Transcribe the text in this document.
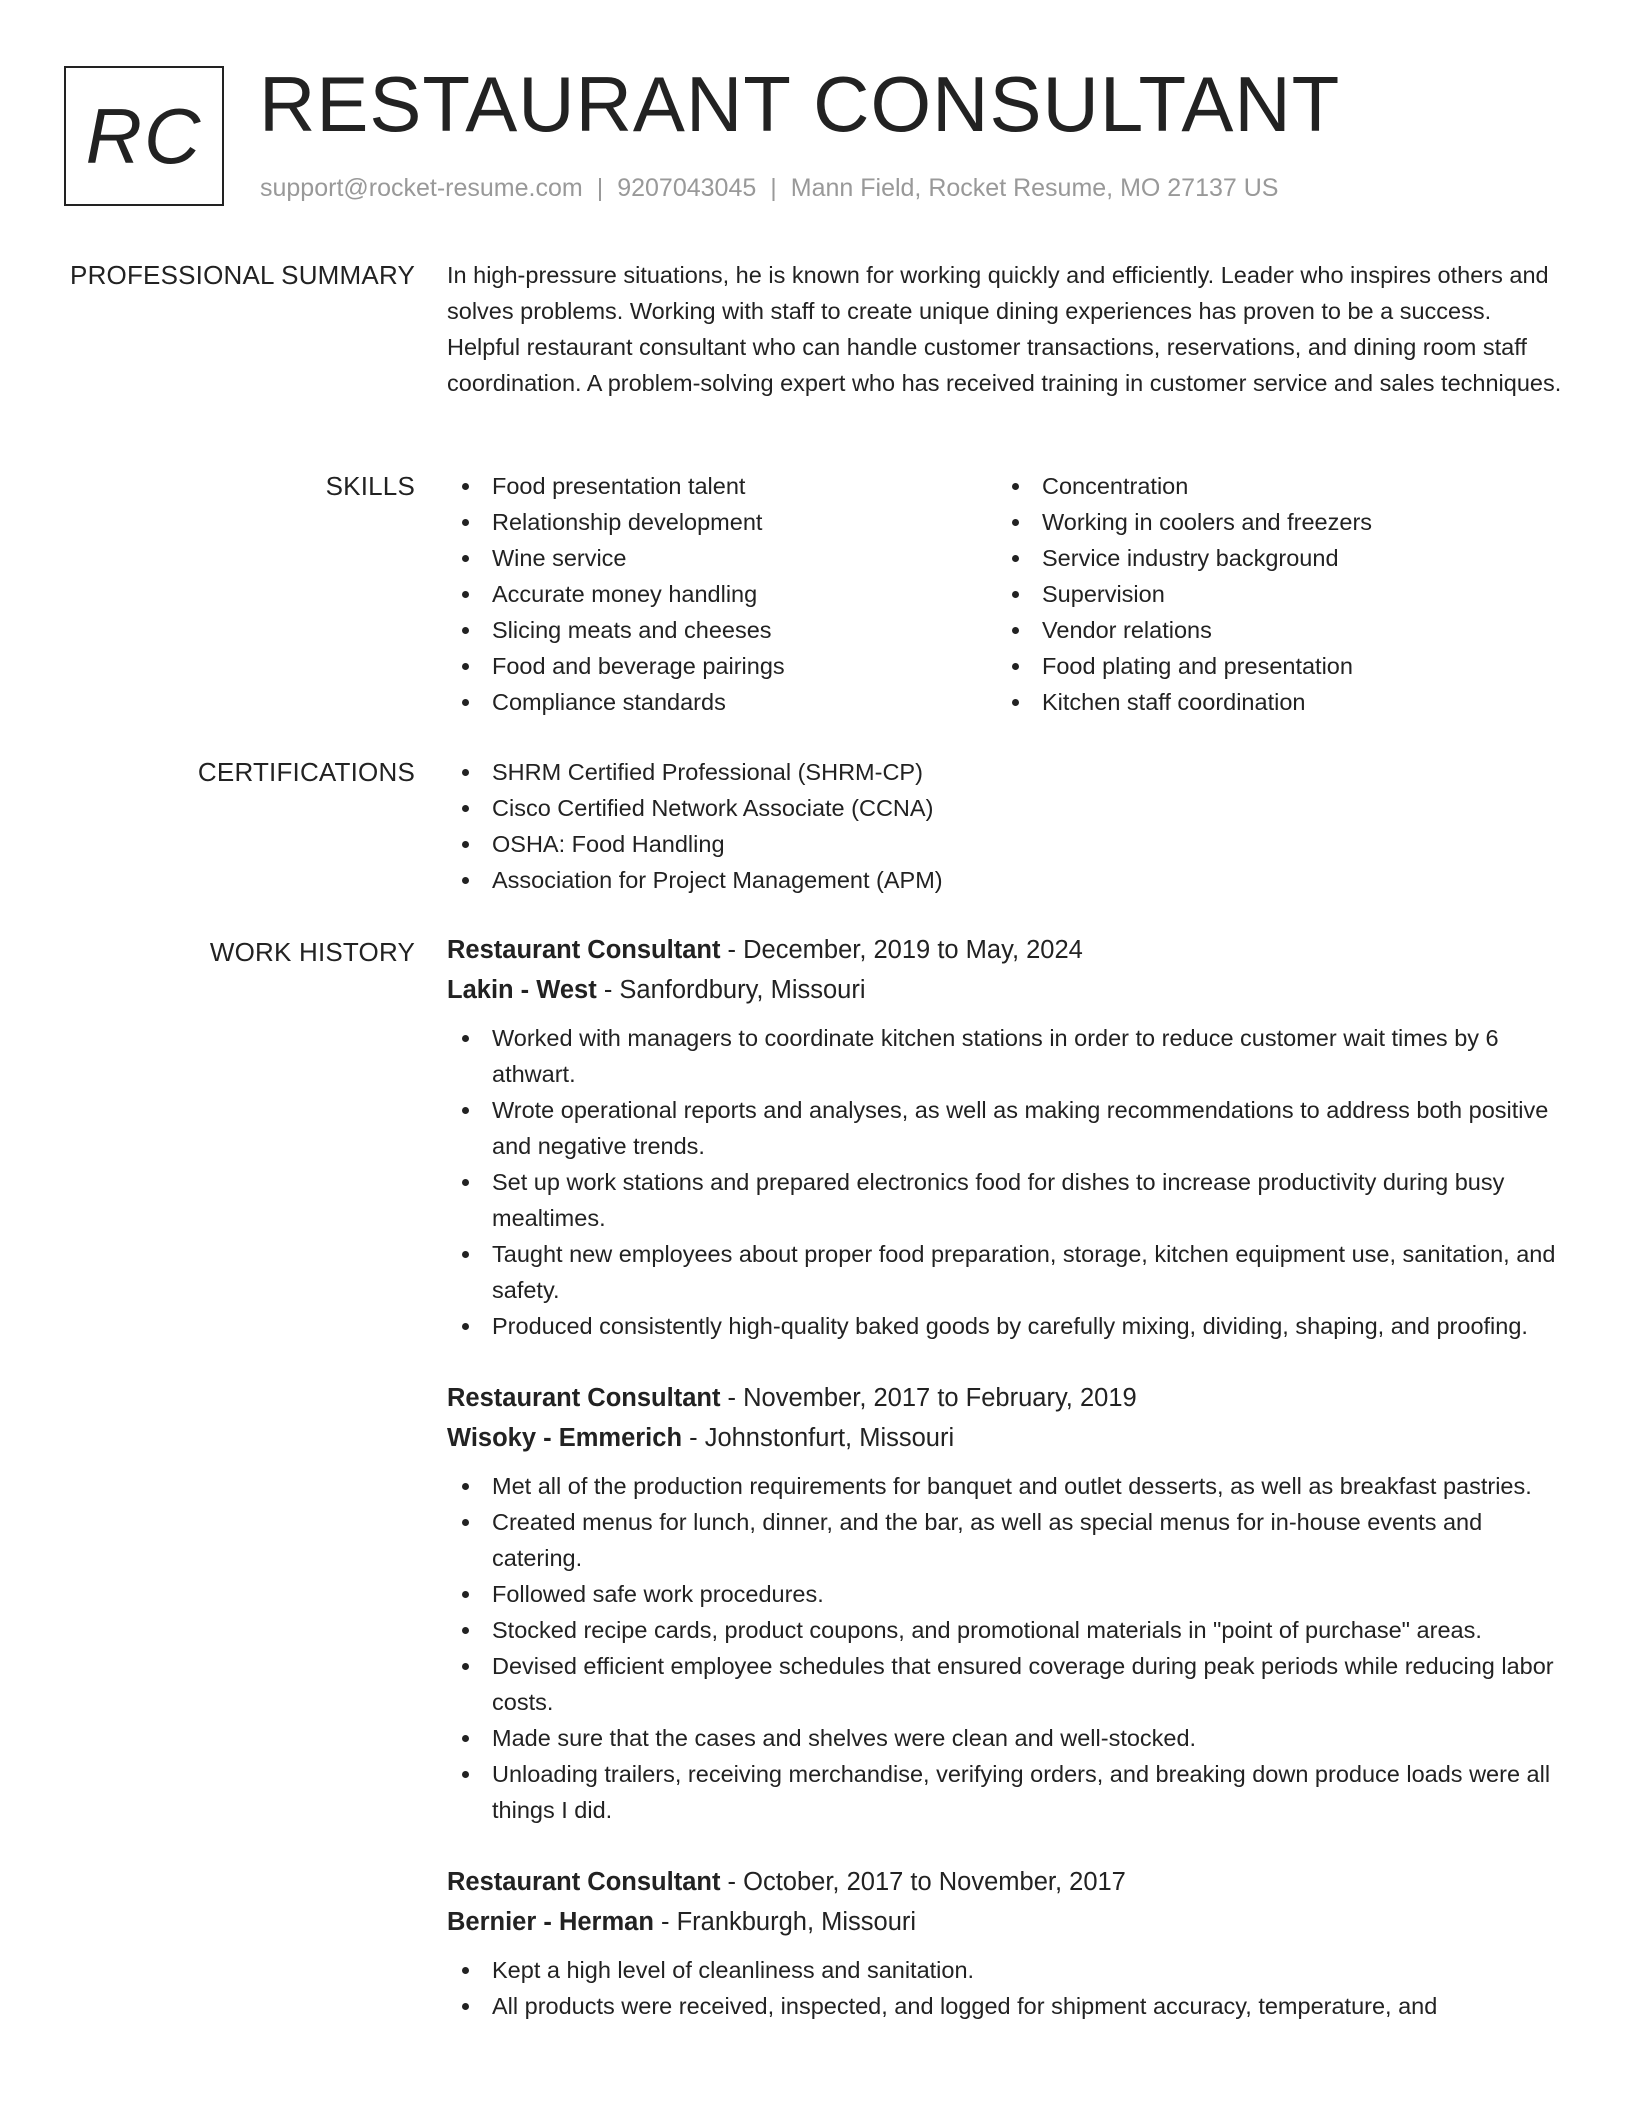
RC RESTAURANT CONSULTANT
support@rocket-resume.com | 9207043045 | Mann Field, Rocket Resume, MO 27137 US
PROFESSIONAL SUMMARY In high-pressure situations, he is known for working quickly and efficiently. Leader who inspires others and solves problems. Working with staff to create unique dining experiences has proven to be a success. Helpful restaurant consultant who can handle customer transactions, reservations, and dining room staff coordination. A problem-solving expert who has received training in customer service and sales techniques.
SKILLS	Food presentation talent
Relationship development
Wine service
Accurate money handling
Slicing meats and cheeses
Food and beverage pairings
Compliance standards
Concentration
Working in coolers and freezers
Service industry background
Supervision
Vendor relations
Food plating and presentation
Kitchen staff coordination
CERTIFICATIONS	SHRM Certified Professional (SHRM-CP)
Cisco Certified Network Associate (CCNA)
OSHA: Food Handling
Association for Project Management (APM)
WORK HISTORY Restaurant Consultant - December, 2019 to May, 2024
Lakin - West - Sanfordbury, Missouri
Worked with managers to coordinate kitchen stations in order to reduce customer wait times by 6 athwart.
Wrote operational reports and analyses, as well as making recommendations to address both positive and negative trends.
Set up work stations and prepared electronics food for dishes to increase productivity during busy mealtimes.
Taught new employees about proper food preparation, storage, kitchen equipment use, sanitation, and safety.
Produced consistently high-quality baked goods by carefully mixing, dividing, shaping, and proofing.
Restaurant Consultant - November, 2017 to February, 2019
Wisoky - Emmerich - Johnstonfurt, Missouri
Met all of the production requirements for banquet and outlet desserts, as well as breakfast pastries.
Created menus for lunch, dinner, and the bar, as well as special menus for in-house events and catering.
Followed safe work procedures.
Stocked recipe cards, product coupons, and promotional materials in "point of purchase" areas.
Devised efficient employee schedules that ensured coverage during peak periods while reducing labor costs.
Made sure that the cases and shelves were clean and well-stocked.
Unloading trailers, receiving merchandise, verifying orders, and breaking down produce loads were all things I did.
Restaurant Consultant - October, 2017 to November, 2017
Bernier - Herman - Frankburgh, Missouri
Kept a high level of cleanliness and sanitation.
All products were received, inspected, and logged for shipment accuracy, temperature, and
